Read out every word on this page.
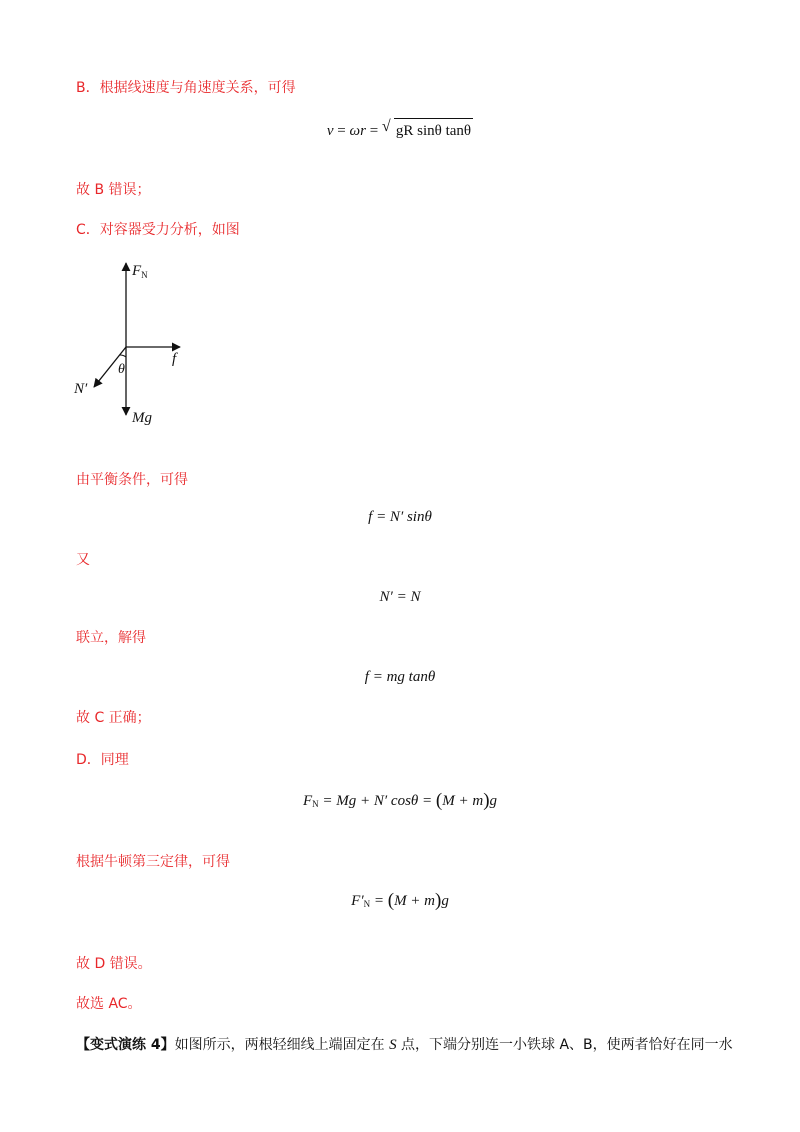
B．根据线速度与角速度关系，可得
v = ωr = √ gR sinθ tanθ
故 B 错误；
C．对容器受力分析，如图
$F_N$
f
θ
N′
Mg
由平衡条件，可得
f = N′ sinθ
又
N′ = N
联立，解得
f = mg tanθ
故 C 正确；
D．同理
FN = Mg + N′ cosθ = (M + m)g
根据牛顿第三定律，可得
F′N = (M + m)g
故 D 错误。
故选 AC。
【变式演练 4】如图所示，两根轻细线上端固定在 S 点，下端分别连一小铁球 A、B，使两者恰好在同一水
